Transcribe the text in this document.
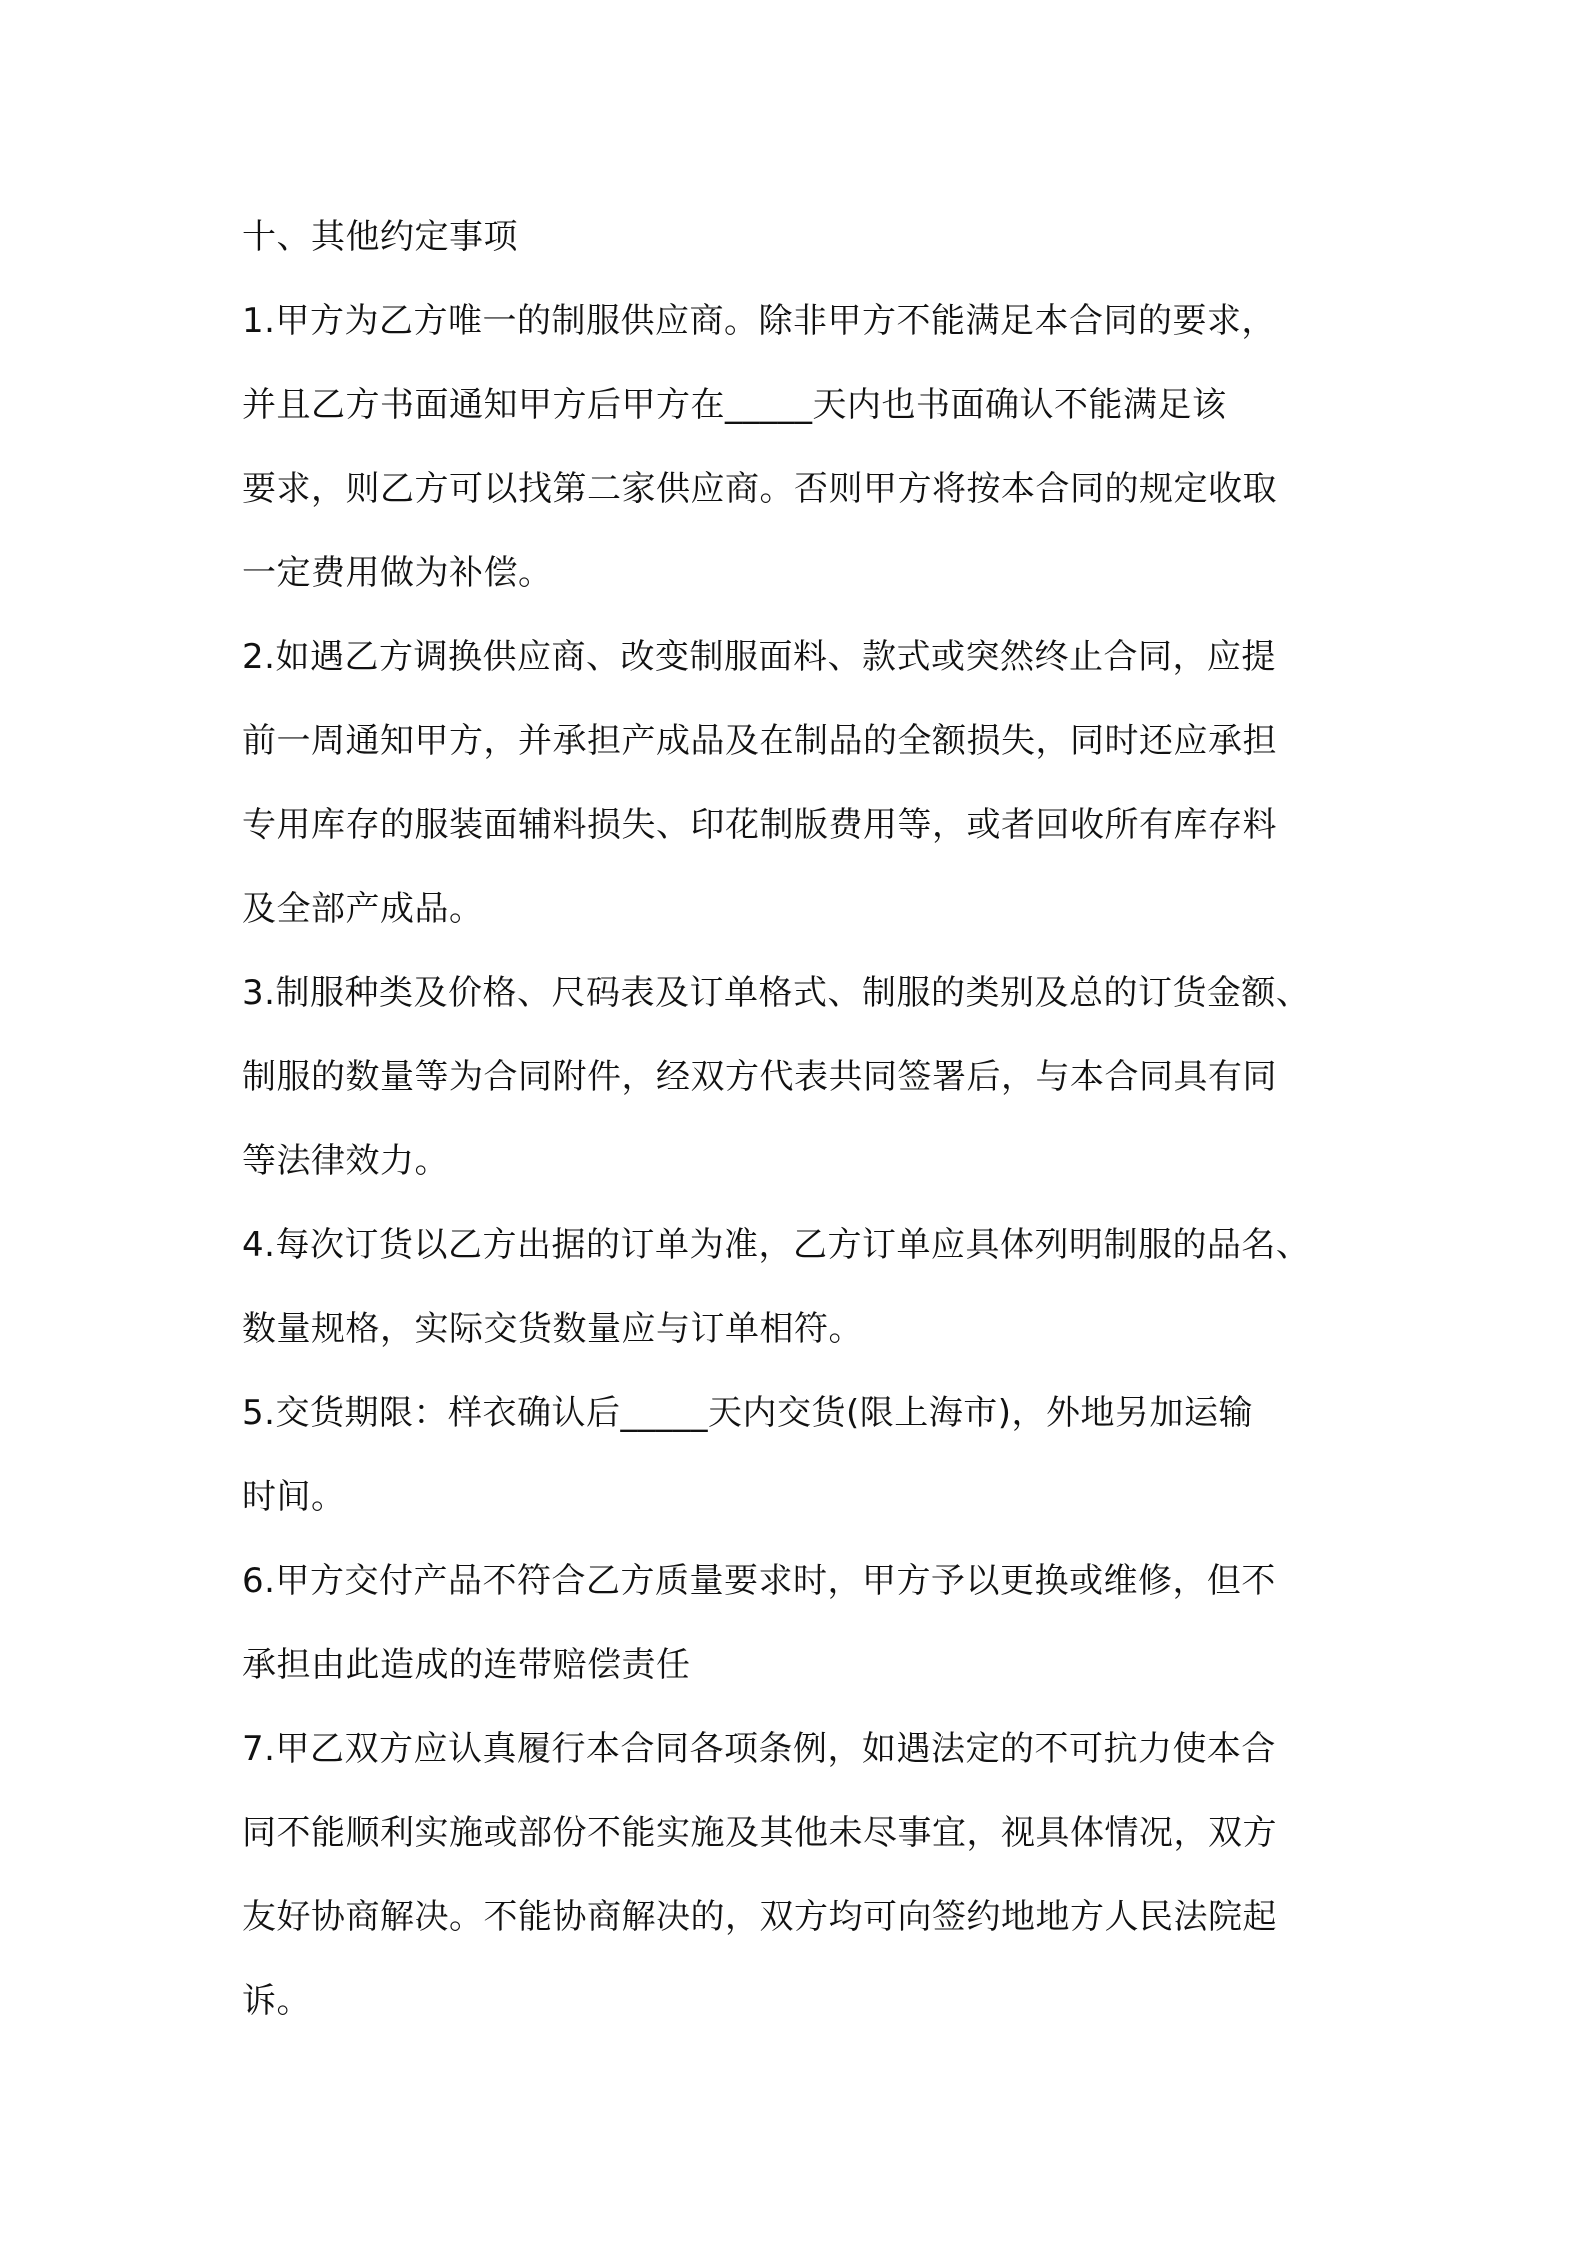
十、其他约定事项
1.甲方为乙方唯一的制服供应商。除非甲方不能满足本合同的要求，
并且乙方书面通知甲方后甲方在_____天内也书面确认不能满足该
要求，则乙方可以找第二家供应商。否则甲方将按本合同的规定收取
一定费用做为补偿。
2.如遇乙方调换供应商、改变制服面料、款式或突然终止合同，应提
前一周通知甲方，并承担产成品及在制品的全额损失，同时还应承担
专用库存的服装面辅料损失、印花制版费用等，或者回收所有库存料
及全部产成品。
3.制服种类及价格、尺码表及订单格式、制服的类别及总的订货金额、
制服的数量等为合同附件，经双方代表共同签署后，与本合同具有同
等法律效力。
4.每次订货以乙方出据的订单为准，乙方订单应具体列明制服的品名、
数量规格，实际交货数量应与订单相符。
5.交货期限：样衣确认后_____天内交货(限上海市)，外地另加运输
时间。
6.甲方交付产品不符合乙方质量要求时，甲方予以更换或维修，但不
承担由此造成的连带赔偿责任
7.甲乙双方应认真履行本合同各项条例，如遇法定的不可抗力使本合
同不能顺利实施或部份不能实施及其他未尽事宜，视具体情况，双方
友好协商解决。不能协商解决的，双方均可向签约地地方人民法院起
诉。
